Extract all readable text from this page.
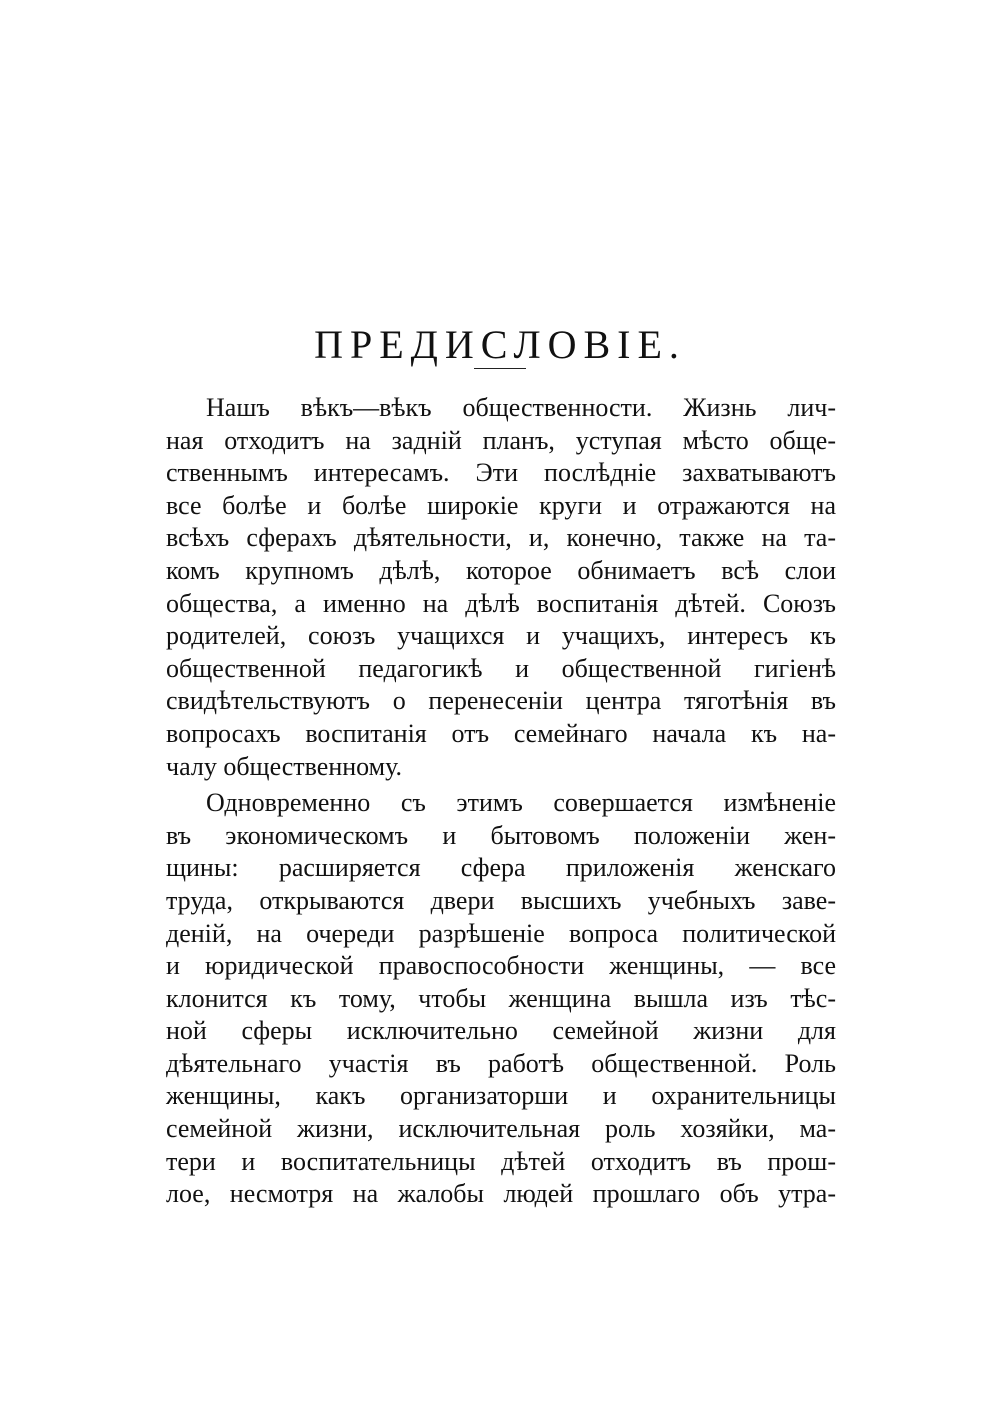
ПРЕДИСЛОВІЕ.
Нашъ вѣкъ—вѣкъ общественности. Жизнь лич-
ная отходитъ на заднiй планъ, уступая мѣсто обще-
ственнымъ интересамъ. Эти послѣднiе захватываютъ
все болѣе и болѣе широкiе круги и отражаются на
всѣхъ сферахъ дѣятельности, и, конечно, также на та-
комъ крупномъ дѣлѣ, которое обнимаетъ всѣ слои
общества, а именно на дѣлѣ воспитанiя дѣтей. Союзъ
родителей, союзъ учащихся и учащихъ, интересъ къ
общественной педагогикѣ и общественной гигiенѣ
свидѣтельствуютъ о перенесенiи центра тяготѣнiя въ
вопросахъ воспитанiя отъ семейнаго начала къ на-
чалу общественному.
Одновременно съ этимъ совершается измѣненiе
въ экономическомъ и бытовомъ положенiи жен-
щины: расширяется сфера приложенiя женскаго
труда, открываются двери высшихъ учебныхъ заве-
денiй, на очереди разрѣшенiе вопроса политической
и юридической правоспособности женщины, — все
клонится къ тому, чтобы женщина вышла изъ тѣс-
ной сферы исключительно семейной жизни для
дѣятельнаго участiя въ работѣ общественной. Роль
женщины, какъ организаторши и охранительницы
семейной жизни, исключительная роль хозяйки, ма-
тери и воспитательницы дѣтей отходитъ въ прош-
лое, несмотря на жалобы людей прошлаго объ утра-
